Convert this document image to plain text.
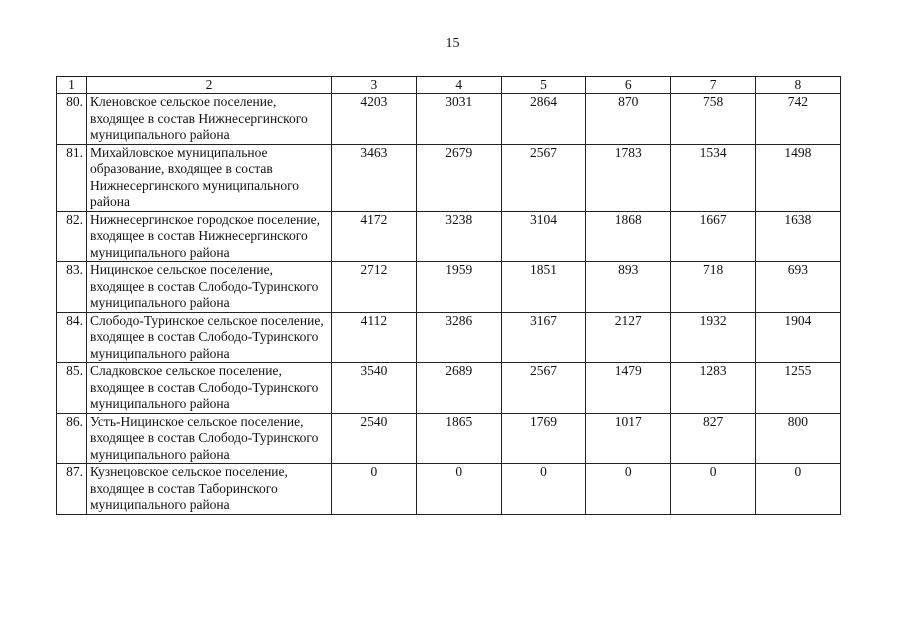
15
1	2	3	4	5	6	7	8
80.	Кленовское сельское поселение, входящее в состав Нижнесергинского муниципального района	4203	3031	2864	870	758	742
81.	Михайловское муниципальное образование, входящее в состав Нижнесергинского муниципального района	3463	2679	2567	1783	1534	1498
82.	Нижнесергинское городское поселение, входящее в состав Нижнесергинского муниципального района	4172	3238	3104	1868	1667	1638
83.	Ницинское сельское поселение, входящее в состав Слободо-Туринского муниципального района	2712	1959	1851	893	718	693
84.	Слободо-Туринское сельское поселение, входящее в состав Слободо-Туринского муниципального района	4112	3286	3167	2127	1932	1904
85.	Сладковское сельское поселение, входящее в состав Слободо-Туринского муниципального района	3540	2689	2567	1479	1283	1255
86.	Усть-Ницинское сельское поселение, входящее в состав Слободо-Туринского муниципального района	2540	1865	1769	1017	827	800
87.	Кузнецовское сельское поселение, входящее в состав Таборинского муниципального района	0	0	0	0	0	0
